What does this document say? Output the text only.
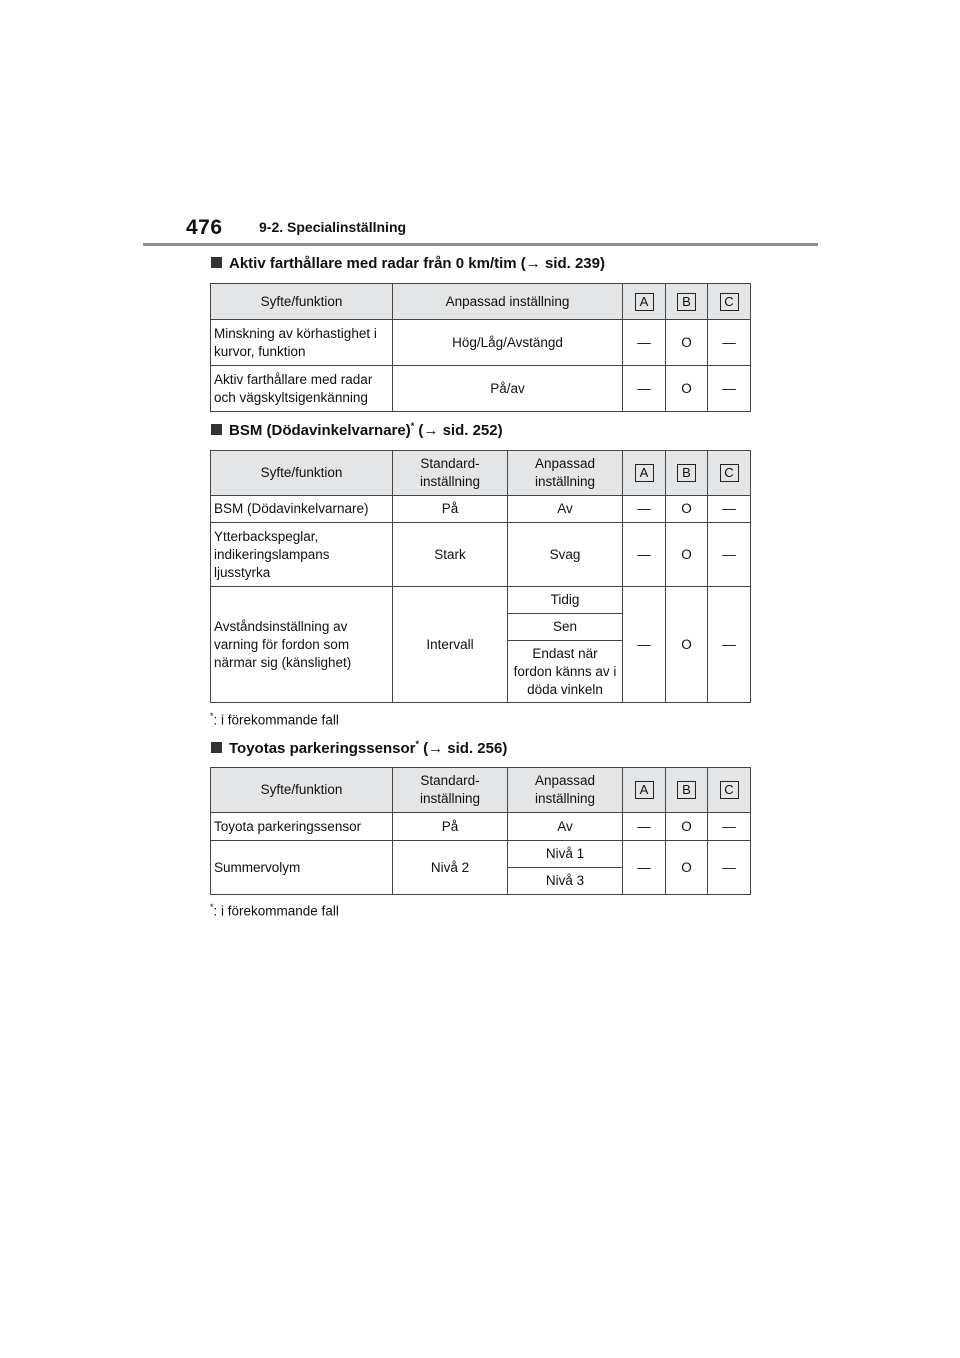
476	9-2. Specialinställning
Aktiv farthållare med radar från 0 km/tim (→ sid. 239)
Syfte/funktion	Anpassad inställning	A	B	C
Minskning av körhastighet i kurvor, funktion	Hög/Låg/Avstängd	—	O	—
Aktiv farthållare med radar och vägskyltsigenkänning	På/av	—	O	—
BSM (Dödavinkelvarnare)* (→ sid. 252)
Syfte/funktion	Standard-inställning	Anpassad inställning	A	B	C
BSM (Dödavinkelvarnare)	På	Av	—	O	—
Ytterbackspeglar, indikeringslampans ljusstyrka	Stark	Svag	—	O	—
Avståndsinställning av varning för fordon som närmar sig (känslighet)	Intervall	Tidig	—	O	—
		Sen			
		Endast när fordon känns av i döda vinkeln			
*: i förekommande fall
Toyotas parkeringssensor* (→ sid. 256)
Syfte/funktion	Standard-inställning	Anpassad inställning	A	B	C
Toyota parkeringssensor	På	Av	—	O	—
Summervolym	Nivå 2	Nivå 1	—	O	—
		Nivå 3			
*: i förekommande fall
